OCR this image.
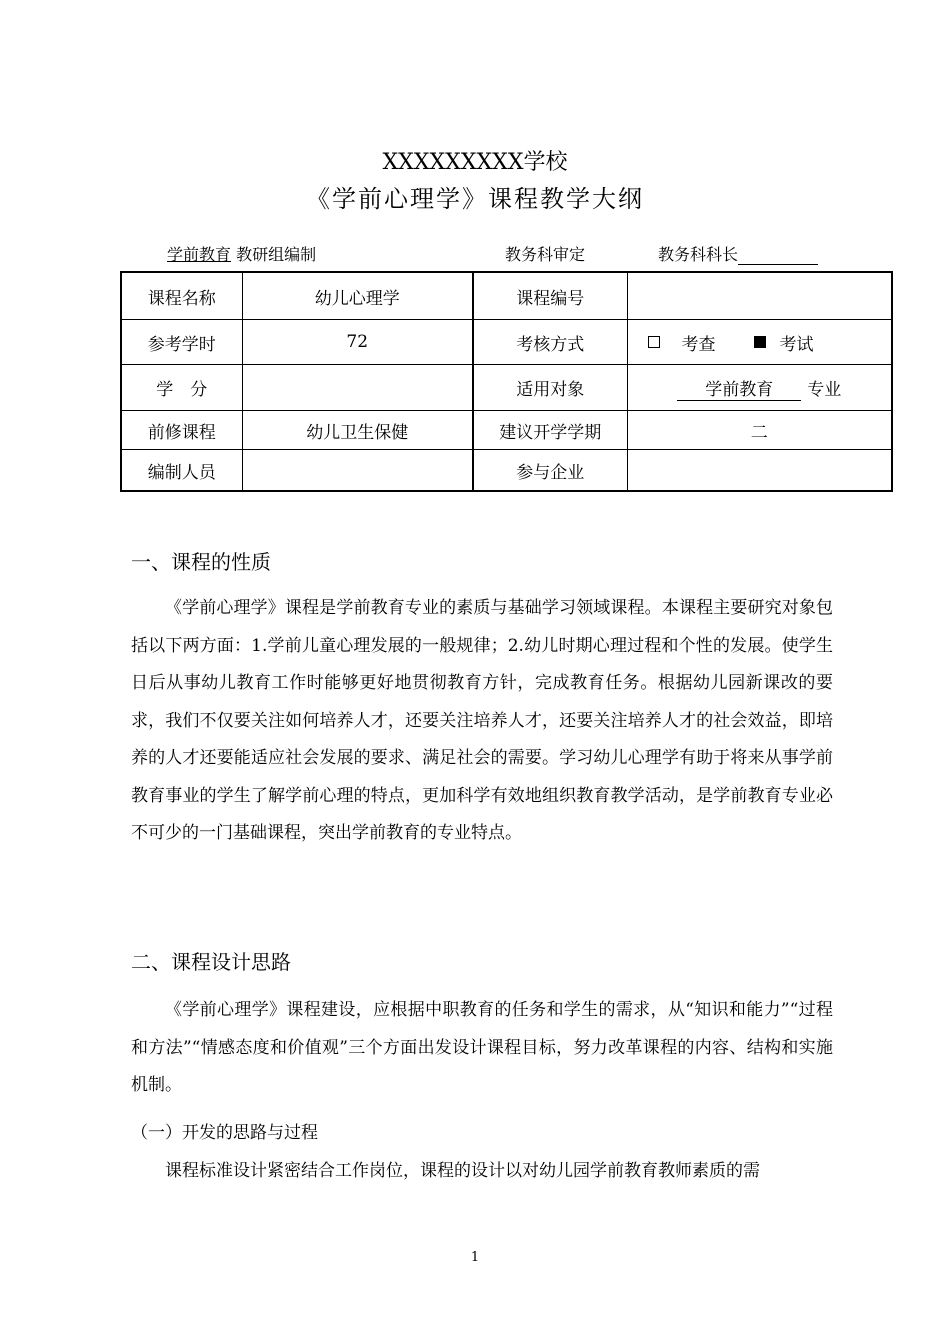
XXXXXXXXX学校
《学前心理学》课程教学大纲
学前教育 教研组编制	教务科审定	教务科科长
课程名称	幼儿心理学	课程编号	
参考学时	72	考核方式	考查 考试
学　分		适用对象	学前教育 专业
前修课程	幼儿卫生保健	建议开学学期	二
编制人员		参与企业	
一、课程的性质

《学前心理学》课程是学前教育专业的素质与基础学习领域课程。本课程主要研究对象包括以下两方面：1.学前儿童心理发展的一般规律；2.幼儿时期心理过程和个性的发展。使学生日后从事幼儿教育工作时能够更好地贯彻教育方针，完成教育任务。根据幼儿园新课改的要求，我们不仅要关注如何培养人才，还要关注培养人才，还要关注培养人才的社会效益，即培养的人才还要能适应社会发展的要求、满足社会的需要。学习幼儿心理学有助于将来从事学前教育事业的学生了解学前心理的特点，更加科学有效地组织教育教学活动，是学前教育专业必不可少的一门基础课程，突出学前教育的专业特点。

二、课程设计思路

《学前心理学》课程建设，应根据中职教育的任务和学生的需求，从“知识和能力”“过程和方法”“情感态度和价值观”三个方面出发设计课程目标，努力改革课程的内容、结构和实施机制。

（一）开发的思路与过程

课程标准设计紧密结合工作岗位，课程的设计以对幼儿园学前教育教师素质的需

1
